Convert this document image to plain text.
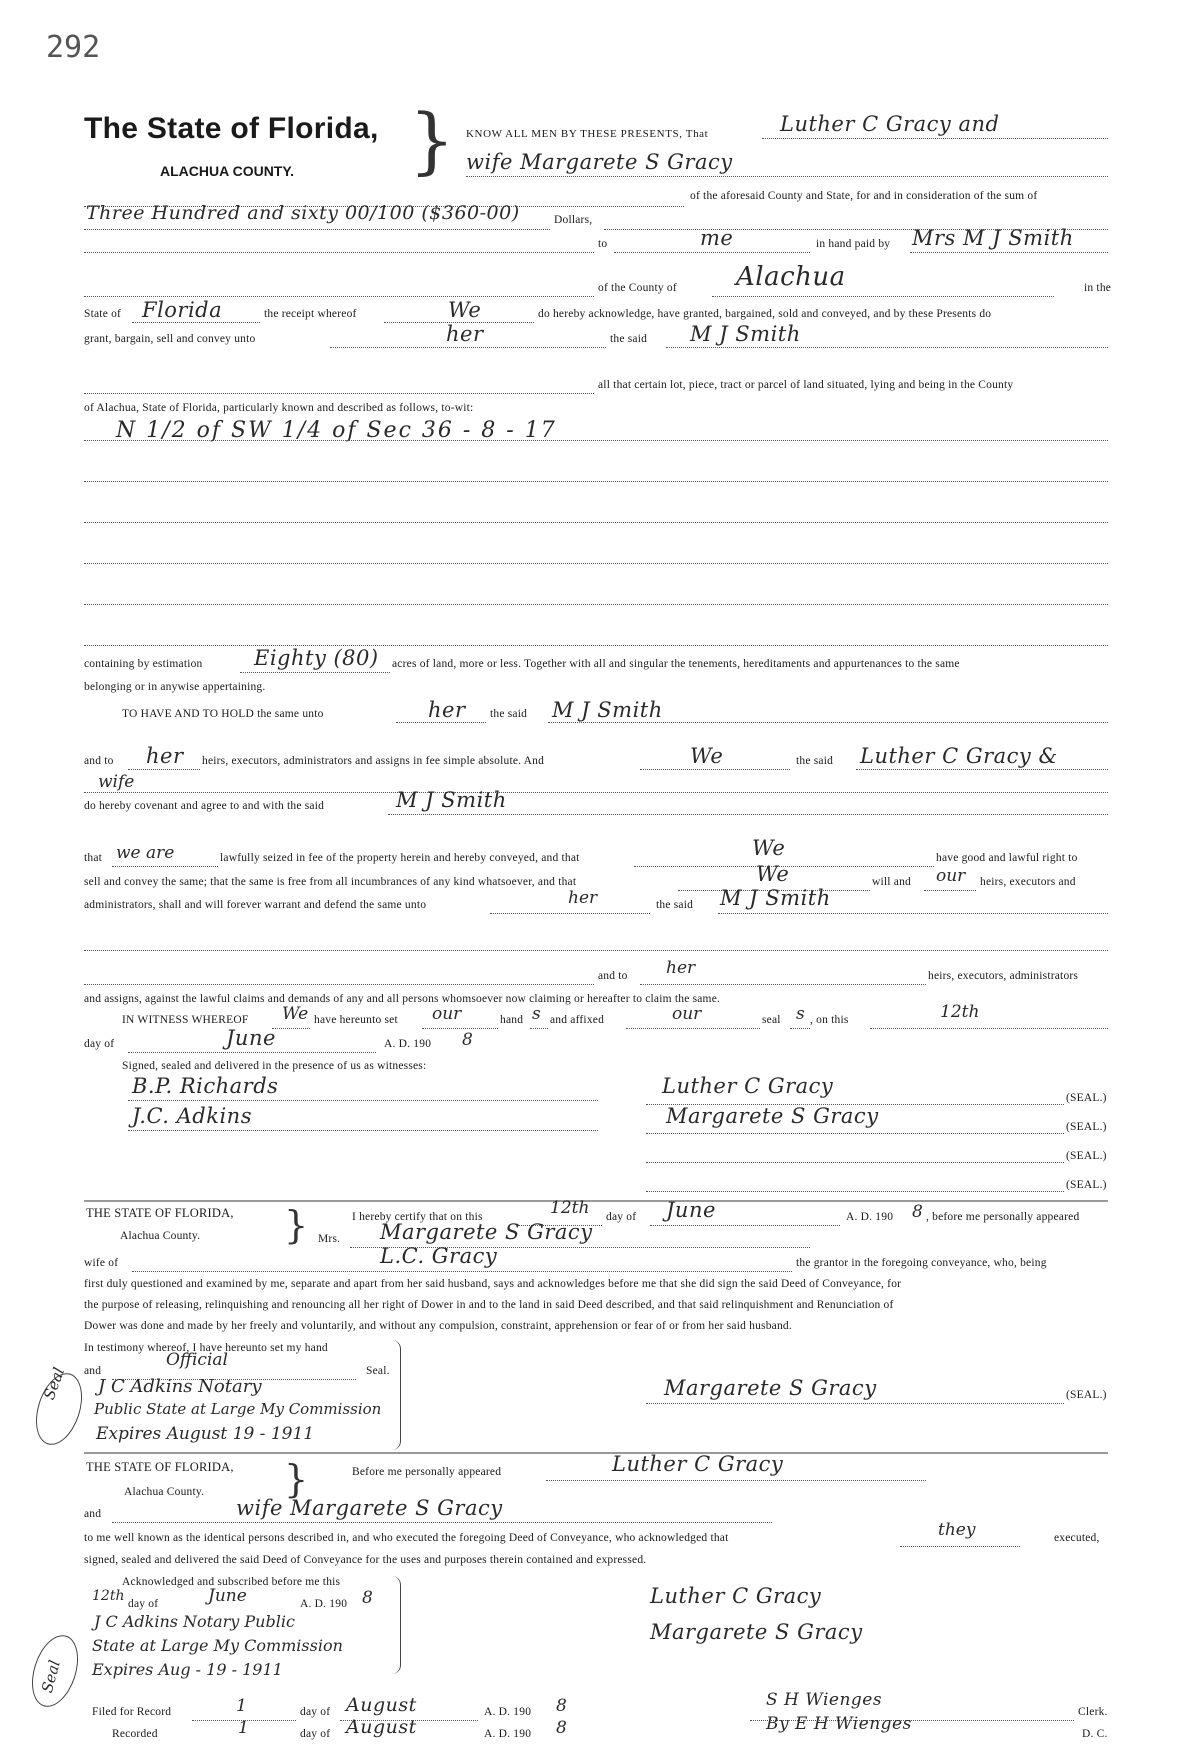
292
The State of Florida,
ALACHUA COUNTY. } KNOW ALL MEN BY THESE PRESENTS, That	Luther C Gracy and
wife Margarete S Gracy
of the aforesaid County and State, for and in consideration of the sum of
Three Hundred and sixty 00/100 ($360-00)	Dollars,
to	me	in hand paid by Mrs M J Smith
of the County of Alachua	in the
State of Florida	the receipt whereof	We	do hereby acknowledge, have granted, bargained, sold and conveyed, and by these Presents do
grant, bargain, sell and convey unto	her	the said M J Smith
all that certain lot, piece, tract or parcel of land situated, lying and being in the County
of Alachua, State of Florida, particularly known and described as follows, to-wit:
N 1/2 of SW 1/4 of Sec 36 - 8 - 17
containing by estimation Eighty (80) acres of land, more or less. Together with all and singular the tenements, hereditaments and appurtenances to the same
belonging or in anywise appertaining.
TO HAVE AND TO HOLD the same unto	her the said M J Smith
and to her heirs, executors, administrators and assigns in fee simple absolute. And	We	the said Luther C Gracy &
wife
do hereby covenant and agree to and with the said	M J Smith
that we are	lawfully seized in fee of the property herein and hereby conveyed, and that	We	have good and lawful right to
sell and convey the same; that the same is free from all incumbrances of any kind whatsoever, and that	We	will and our heirs, executors and
administrators, shall and will forever warrant and defend the same unto	her	the said M J Smith
and to her	heirs, executors, administrators
and assigns, against the lawful claims and demands of any and all persons whomsoever now claiming or hereafter to claim the same.
IN WITNESS WHEREOF We have hereunto set our	hand s and affixed	our	seal s , on this	12th
day of	June	A. D. 190 8
Signed, sealed and delivered in the presence of us as witnesses:
B.P. Richards
J.C. Adkins
Luther C Gracy	(SEAL.)
Margarete S Gracy	(SEAL.)
(SEAL.)
(SEAL.)
THE STATE OF FLORIDA,
Alachua County. }	I hereby certify that on this	12th day of June	A. D. 190 8 , before me personally appeared
Mrs. Margarete S Gracy
wife of	L.C. Gracy	the grantor in the foregoing conveyance, who, being
first duly questioned and examined by me, separate and apart from her said husband, says and acknowledges before me that she did sign the said Deed of Conveyance, for
the purpose of releasing, relinquishing and renouncing all her right of Dower in and to the land in said Deed described, and that said relinquishment and Renunciation of
Dower was done and made by her freely and voluntarily, and without any compulsion, constraint, apprehension or fear of or from her said husband.
In testimony whereof, I have hereunto set my hand
and
Official
Seal.
J C Adkins Notary
Public State at Large My Commission
Expires August 19 - 1911
Seal	Margarete S Gracy	(SEAL.)
THE STATE OF FLORIDA,
Alachua County. }	Before me personally appeared	Luther C Gracy
and	wife Margarete S Gracy
to me well known as the identical persons described in, and who executed the foregoing Deed of Conveyance, who acknowledged that	they	executed,
signed, sealed and delivered the said Deed of Conveyance for the uses and purposes therein contained and expressed.
Acknowledged and subscribed before me this
12th day of	June	A. D. 190 8
J C Adkins Notary Public
State at Large My Commission
Expires Aug - 19 - 1911
Seal
Luther C Gracy
Margarete S Gracy
Filed for Record	1	day of August	A. D. 190 8	S H Wienges
Clerk.
Recorded	1	day of August	A. D. 190 8	By E H Wienges	D. C.
